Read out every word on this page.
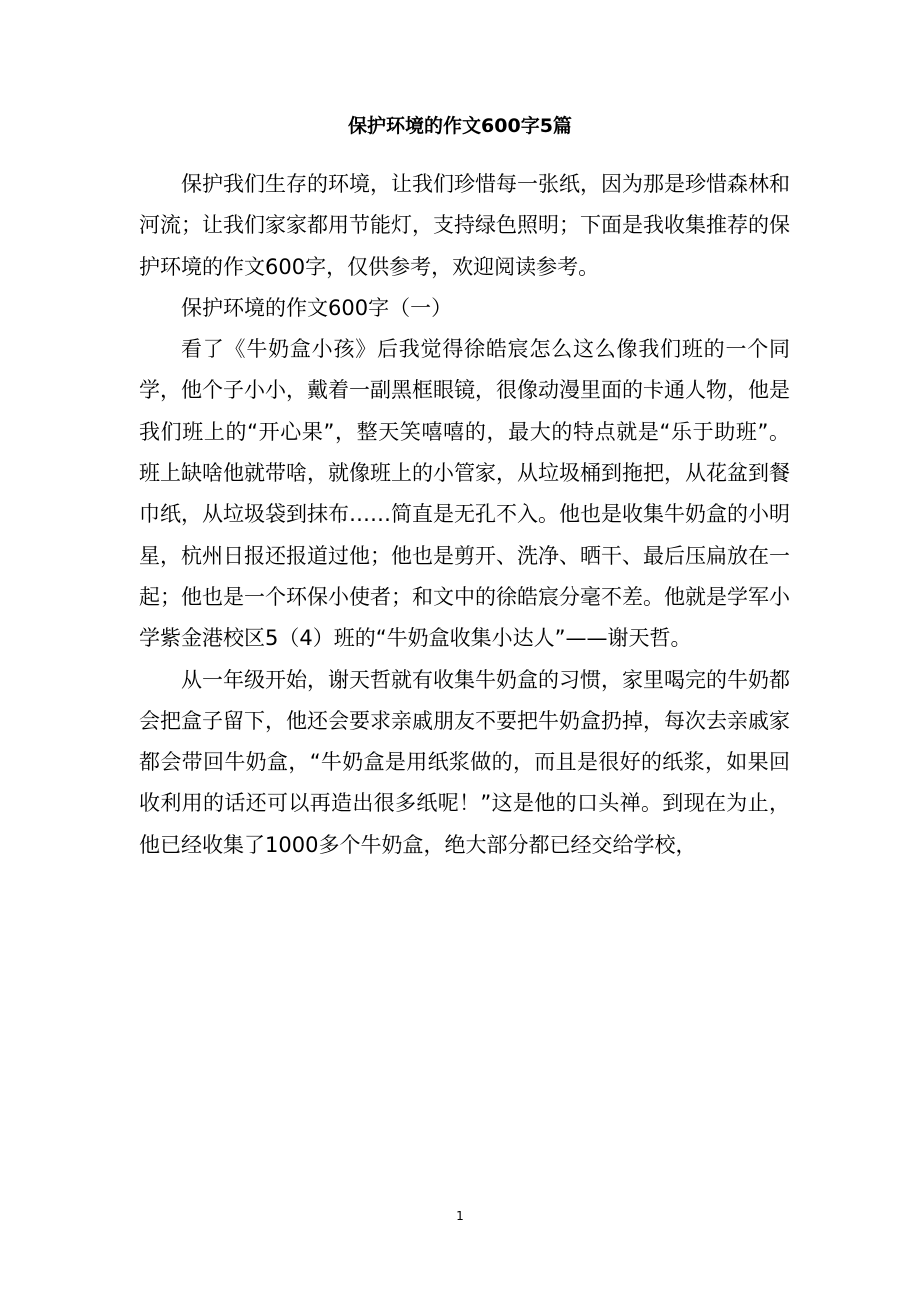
保护环境的作文600字5篇

保护我们生存的环境，让我们珍惜每一张纸，因为那是珍惜森林和河流；让我们家家都用节能灯，支持绿色照明；下面是我收集推荐的保护环境的作文600字，仅供参考，欢迎阅读参考。

保护环境的作文600字（一）

看了《牛奶盒小孩》后我觉得徐皓宸怎么这么像我们班的一个同学，他个子小小，戴着一副黑框眼镜，很像动漫里面的卡通人物，他是我们班上的“开心果”，整天笑嘻嘻的，最大的特点就是“乐于助班”。班上缺啥他就带啥，就像班上的小管家，从垃圾桶到拖把，从花盆到餐巾纸，从垃圾袋到抹布……简直是无孔不入。他也是收集牛奶盒的小明星，杭州日报还报道过他；他也是剪开、洗净、晒干、最后压扁放在一起；他也是一个环保小使者；和文中的徐皓宸分毫不差。他就是学军小学紫金港校区5（4）班的“牛奶盒收集小达人”——谢天哲。

从一年级开始，谢天哲就有收集牛奶盒的习惯，家里喝完的牛奶都会把盒子留下，他还会要求亲戚朋友不要把牛奶盒扔掉，每次去亲戚家都会带回牛奶盒，“牛奶盒是用纸浆做的，而且是很好的纸浆，如果回收利用的话还可以再造出很多纸呢！”这是他的口头禅。到现在为止，他已经收集了1000多个牛奶盒，绝大部分都已经交给学校，

1
